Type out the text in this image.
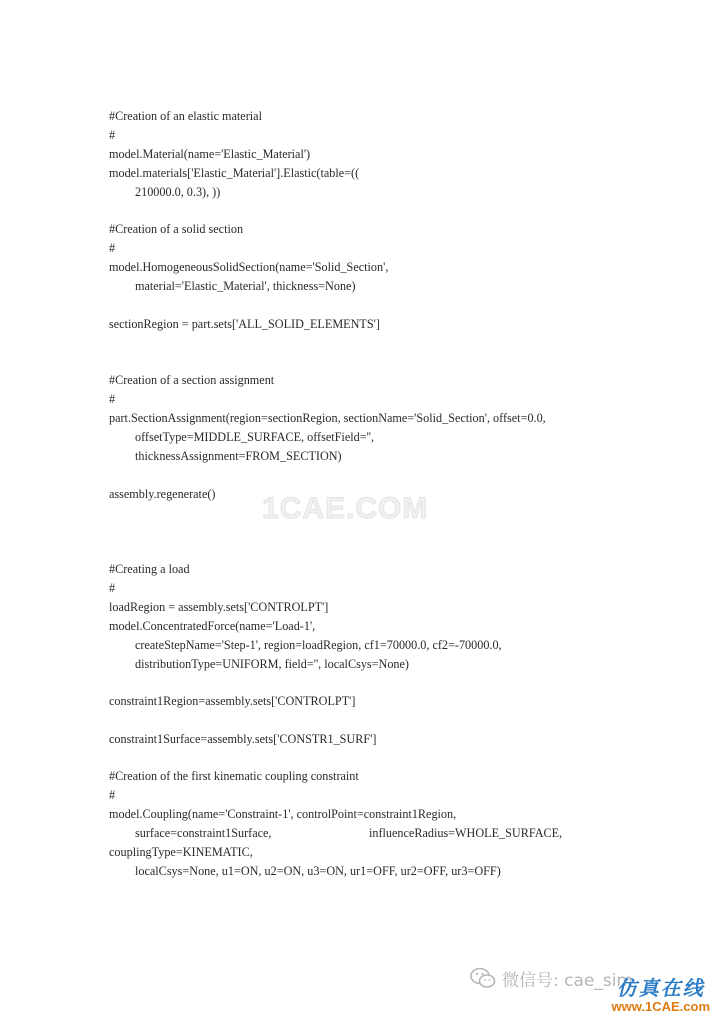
#Creation of an elastic material
#
model.Material(name='Elastic_Material')
model.materials['Elastic_Material'].Elastic(table=((
210000.0, 0.3), ))
#Creation of a solid section
#
model.HomogeneousSolidSection(name='Solid_Section',
material='Elastic_Material', thickness=None)
sectionRegion = part.sets['ALL_SOLID_ELEMENTS']
#Creation of a section assignment
#
part.SectionAssignment(region=sectionRegion, sectionName='Solid_Section', offset=0.0,
offsetType=MIDDLE_SURFACE, offsetField='',
thicknessAssignment=FROM_SECTION)
assembly.regenerate()
#Creating a load
#
loadRegion = assembly.sets['CONTROLPT']
model.ConcentratedForce(name='Load-1',
createStepName='Step-1', region=loadRegion, cf1=70000.0, cf2=-70000.0,
distributionType=UNIFORM, field='', localCsys=None)
constraint1Region=assembly.sets['CONTROLPT']
constraint1Surface=assembly.sets['CONSTR1_SURF']
#Creation of the first kinematic coupling constraint
#
model.Coupling(name='Constraint-1', controlPoint=constraint1Region,
surface=constraint1Surface,                                influenceRadius=WHOLE_SURFACE,
couplingType=KINEMATIC,
localCsys=None, u1=ON, u2=ON, u3=ON, ur1=OFF, ur2=OFF, ur3=OFF)
1CAE.COM
微信号: cae_sim
仿真在线
www.1CAE.com
